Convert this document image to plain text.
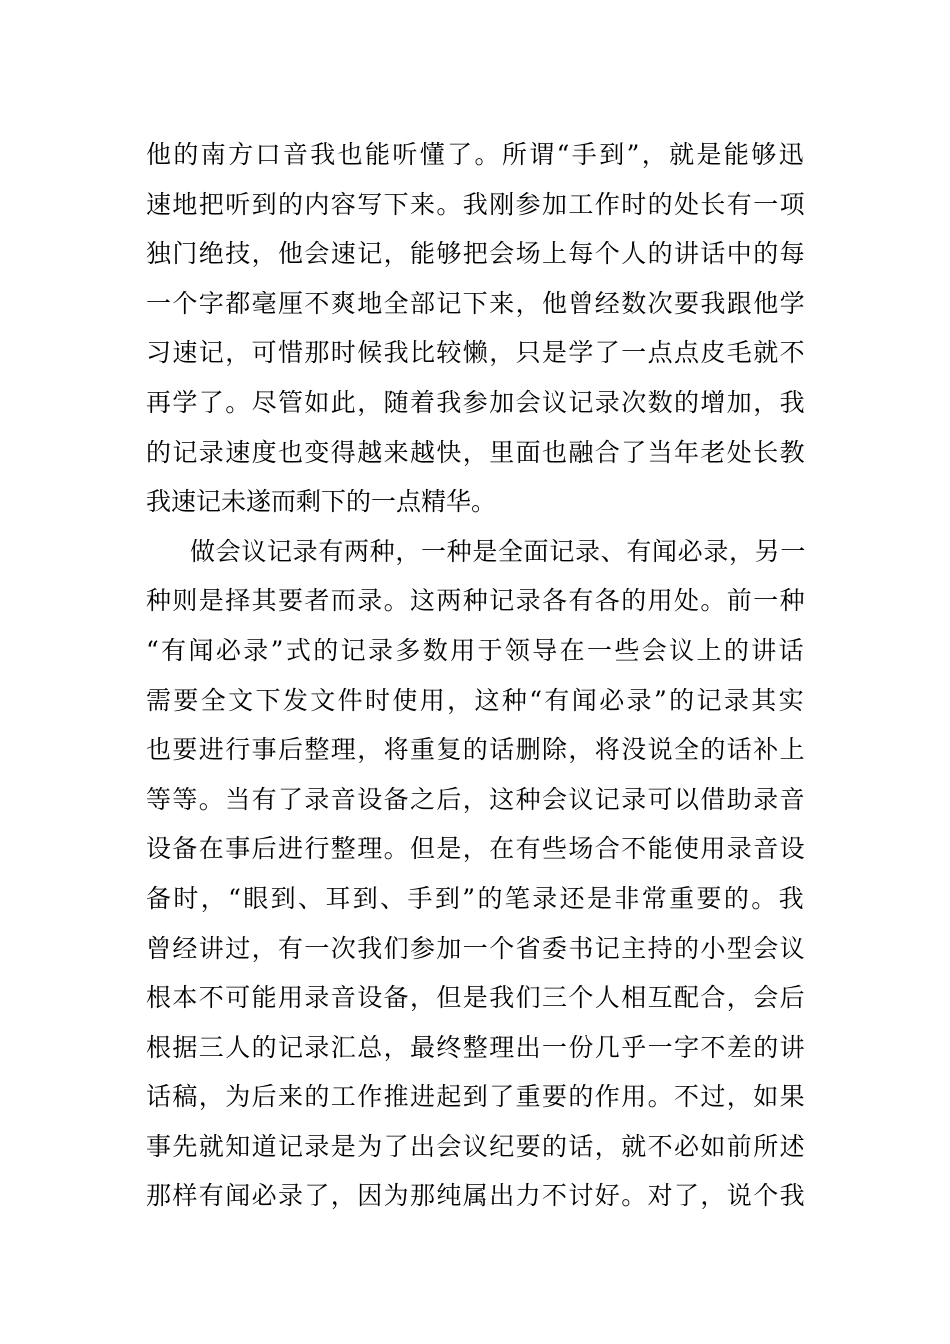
他的南方口音我也能听懂了。所谓“手到”，就是能够迅
速地把听到的内容写下来。我刚参加工作时的处长有一项
独门绝技，他会速记，能够把会场上每个人的讲话中的每
一个字都毫厘不爽地全部记下来，他曾经数次要我跟他学
习速记，可惜那时候我比较懒，只是学了一点点皮毛就不
再学了。尽管如此，随着我参加会议记录次数的增加，我
的记录速度也变得越来越快，里面也融合了当年老处长教
我速记未遂而剩下的一点精华。
做会议记录有两种，一种是全面记录、有闻必录，另一
种则是择其要者而录。这两种记录各有各的用处。前一种
“有闻必录”式的记录多数用于领导在一些会议上的讲话
需要全文下发文件时使用，这种“有闻必录”的记录其实
也要进行事后整理，将重复的话删除，将没说全的话补上
等等。当有了录音设备之后，这种会议记录可以借助录音
设备在事后进行整理。但是，在有些场合不能使用录音设
备时，“眼到、耳到、手到”的笔录还是非常重要的。我
曾经讲过，有一次我们参加一个省委书记主持的小型会议
根本不可能用录音设备，但是我们三个人相互配合，会后
根据三人的记录汇总，最终整理出一份几乎一字不差的讲
话稿，为后来的工作推进起到了重要的作用。不过，如果
事先就知道记录是为了出会议纪要的话，就不必如前所述
那样有闻必录了，因为那纯属出力不讨好。对了，说个我
